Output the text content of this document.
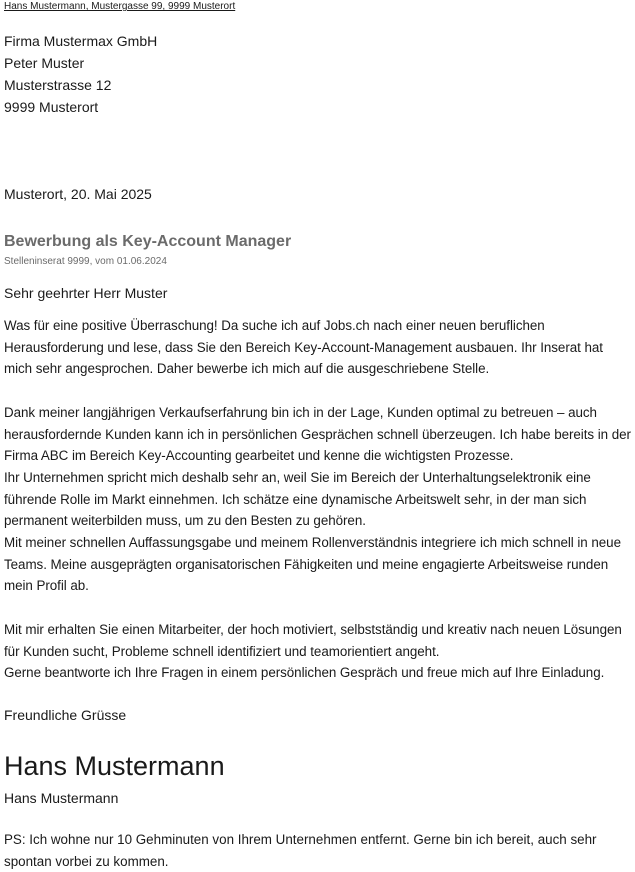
Hans Mustermann, Mustergasse 99, 9999 Musterort
Firma Mustermax GmbH
Peter Muster
Musterstrasse 12
9999 Musterort
Musterort, 20. Mai 2025
Bewerbung als Key-Account Manager
Stelleninserat 9999, vom 01.06.2024
Sehr geehrter Herr Muster

Was für eine positive Überraschung! Da suche ich auf Jobs.ch nach einer neuen beruflichen Herausforderung und lese, dass Sie den Bereich Key-Account-Management ausbauen. Ihr Inserat hat mich sehr angesprochen. Daher bewerbe ich mich auf die ausgeschriebene Stelle.

Dank meiner langjährigen Verkaufserfahrung bin ich in der Lage, Kunden optimal zu betreuen – auch herausfordernde Kunden kann ich in persönlichen Gesprächen schnell überzeugen. Ich habe bereits in der Firma ABC im Bereich Key-Accounting gearbeitet und kenne die wichtigsten Prozesse.

Ihr Unternehmen spricht mich deshalb sehr an, weil Sie im Bereich der Unterhaltungselektronik eine führende Rolle im Markt einnehmen. Ich schätze eine dynamische Arbeitswelt sehr, in der man sich permanent weiterbilden muss, um zu den Besten zu gehören.

Mit meiner schnellen Auffassungsgabe und meinem Rollenverständnis integriere ich mich schnell in neue Teams. Meine ausgeprägten organisatorischen Fähigkeiten und meine engagierte Arbeitsweise runden mein Profil ab.

Mit mir erhalten Sie einen Mitarbeiter, der hoch motiviert, selbstständig und kreativ nach neuen Lösungen für Kunden sucht, Probleme schnell identifiziert und teamorientiert angeht.

Gerne beantworte ich Ihre Fragen in einem persönlichen Gespräch und freue mich auf Ihre Einladung.

Freundliche Grüsse
Hans Mustermann
Hans Mustermann
PS: Ich wohne nur 10 Gehminuten von Ihrem Unternehmen entfernt. Gerne bin ich bereit, auch sehr spontan vorbei zu kommen.
